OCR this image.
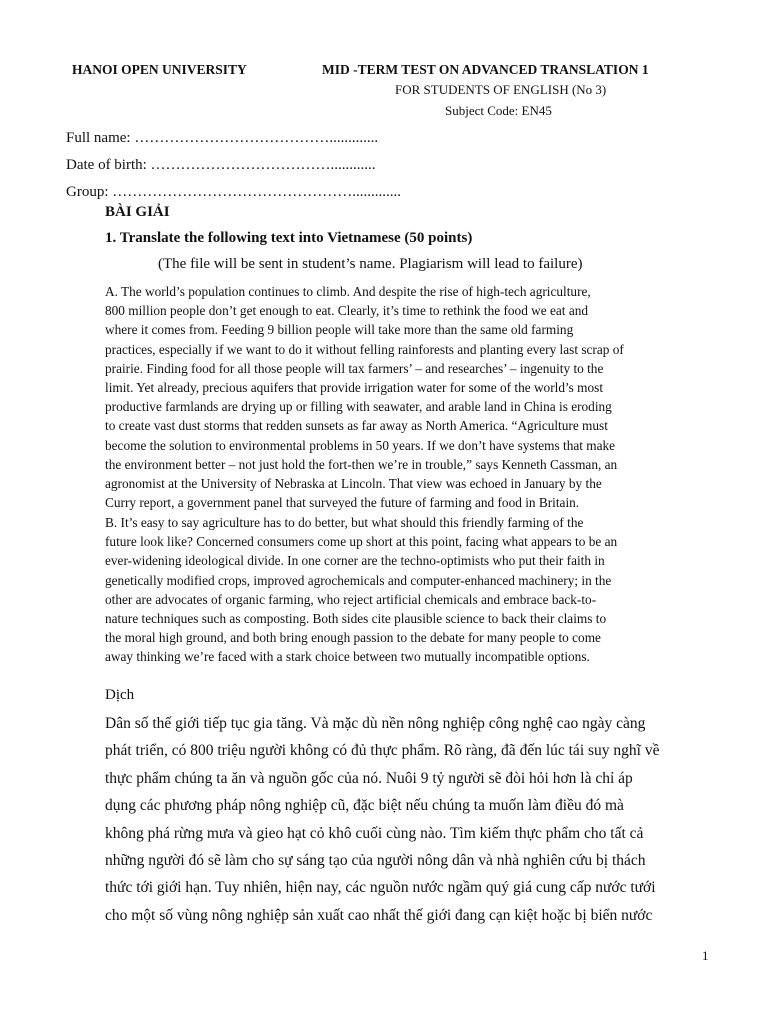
HANOI OPEN UNIVERSITY	MID -TERM TEST ON ADVANCED TRANSLATION 1
FOR STUDENTS OF ENGLISH (No 3)
Subject Code: EN45
Full name: ………………………………….............
Date of birth: ………………………………............
Group: ………………………………………….............
BÀI GIẢI
1. Translate the following text into Vietnamese (50 points)
(The file will be sent in student’s name. Plagiarism will lead to failure)
A. The world’s population continues to climb. And despite the rise of high-tech agriculture,
800 million people don’t get enough to eat. Clearly, it’s time to rethink the food we eat and
where it comes from. Feeding 9 billion people will take more than the same old farming
practices, especially if we want to do it without felling rainforests and planting every last scrap of
prairie. Finding food for all those people will tax farmers’ – and researches’ – ingenuity to the
limit. Yet already, precious aquifers that provide irrigation water for some of the world’s most
productive farmlands are drying up or filling with seawater, and arable land in China is eroding
to create vast dust storms that redden sunsets as far away as North America. “Agriculture must
become the solution to environmental problems in 50 years. If we don’t have systems that make
the environment better – not just hold the fort-then we’re in trouble,” says Kenneth Cassman, an
agronomist at the University of Nebraska at Lincoln. That view was echoed in January by the
Curry report, a government panel that surveyed the future of farming and food in Britain.
B. It’s easy to say agriculture has to do better, but what should this friendly farming of the
future look like? Concerned consumers come up short at this point, facing what appears to be an
ever-widening ideological divide. In one corner are the techno-optimists who put their faith in
genetically modified crops, improved agrochemicals and computer-enhanced machinery; in the
other are advocates of organic farming, who reject artificial chemicals and embrace back-to-
nature techniques such as composting. Both sides cite plausible science to back their claims to
the moral high ground, and both bring enough passion to the debate for many people to come
away thinking we’re faced with a stark choice between two mutually incompatible options.
Dịch
Dân số thế giới tiếp tục gia tăng. Và mặc dù nền nông nghiệp công nghệ cao ngày càng
phát triển, có 800 triệu người không có đủ thực phẩm. Rõ ràng, đã đến lúc tái suy nghĩ về
thực phẩm chúng ta ăn và nguồn gốc của nó. Nuôi 9 tỷ người sẽ đòi hỏi hơn là chỉ áp
dụng các phương pháp nông nghiệp cũ, đặc biệt nếu chúng ta muốn làm điều đó mà
không phá rừng mưa và gieo hạt cỏ khô cuối cùng nào. Tìm kiếm thực phẩm cho tất cả
những người đó sẽ làm cho sự sáng tạo của người nông dân và nhà nghiên cứu bị thách
thức tới giới hạn. Tuy nhiên, hiện nay, các nguồn nước ngầm quý giá cung cấp nước tưới
cho một số vùng nông nghiệp sản xuất cao nhất thế giới đang cạn kiệt hoặc bị biển nước
1
